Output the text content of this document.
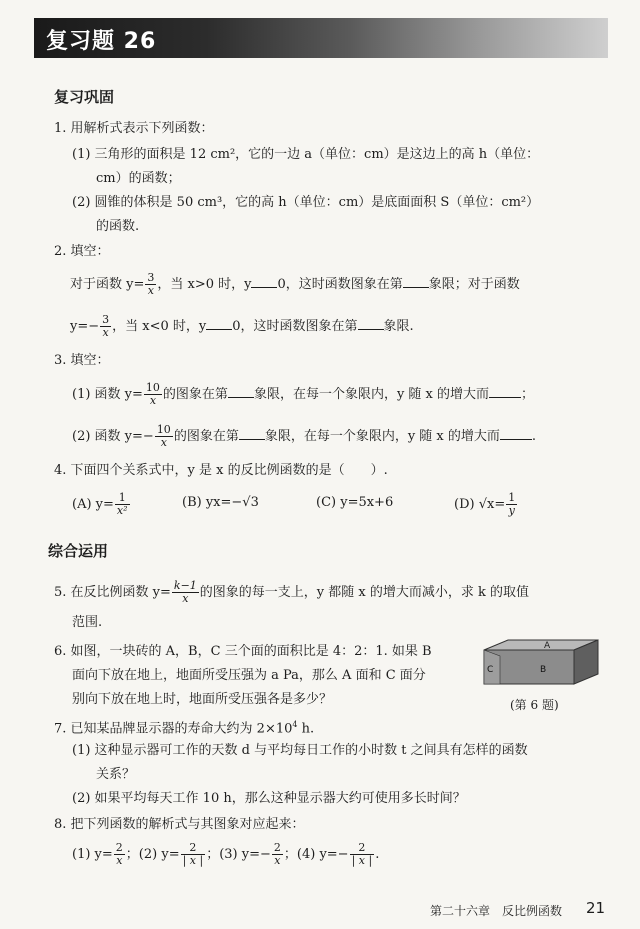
复习题 26
复习巩固
1. 用解析式表示下列函数：
(1) 三角形的面积是 12 cm²，它的一边 a（单位：cm）是这边上的高 h（单位：
cm）的函数；
(2) 圆锥的体积是 50 cm³，它的高 h（单位：cm）是底面面积 S（单位：cm²）
的函数.
2. 填空：
对于函数 $y= \frac{3}{x}$ ，当 x>0 时，y 0，这时函数图象在第 象限；对于函数
$y=- \frac{3}{x}$ ，当 x<0 时，y 0，这时函数图象在第 象限.
3. 填空：
(1) 函数 $y= \frac{10}{x}$ 的图象在第 象限，在每一个象限内，y 随 x 的增大而 ；
(2) 函数 $y=- \frac{10}{x}$ 的图象在第 象限，在每一个象限内，y 随 x 的增大而 .
4. 下面四个关系式中，y 是 x 的反比例函数的是（　　）.
(A) $y= \frac{1}{\text{x²}}$	(B) yx=−√3	(C) y=5x+6	(D) $√x= \frac{1}{y}$
综合运用
5. 在反比例函数 $y= \frac{k-1}{x}$ 的图象的每一支上，y 都随 x 的增大而减小，求 k 的取值
范围.
6. 如图，一块砖的 A，B，C 三个面的面积比是 4：2：1. 如果 B
面向下放在地上，地面所受压强为 a Pa，那么 A 面和 C 面分
别向下放在地上时，地面所受压强各是多少？
A
B
C
(第 6 题)
7. 已知某品牌显示器的寿命大约为 $2\times 10^4$ h.
(1) 这种显示器可工作的天数 d 与平均每日工作的小时数 t 之间具有怎样的函数
关系？
(2) 如果平均每天工作 10 h，那么这种显示器大约可使用多长时间？
8. 把下列函数的解析式与其图象对应起来：
(1) $y= \frac{2}{x}$ ；(2) $y= \frac{2}{| x |}$ ；(3) $y=- \frac{2}{x}$ ；(4) $y=- \frac{2}{| x |}$ .
第二十六章　反比例函数 21
